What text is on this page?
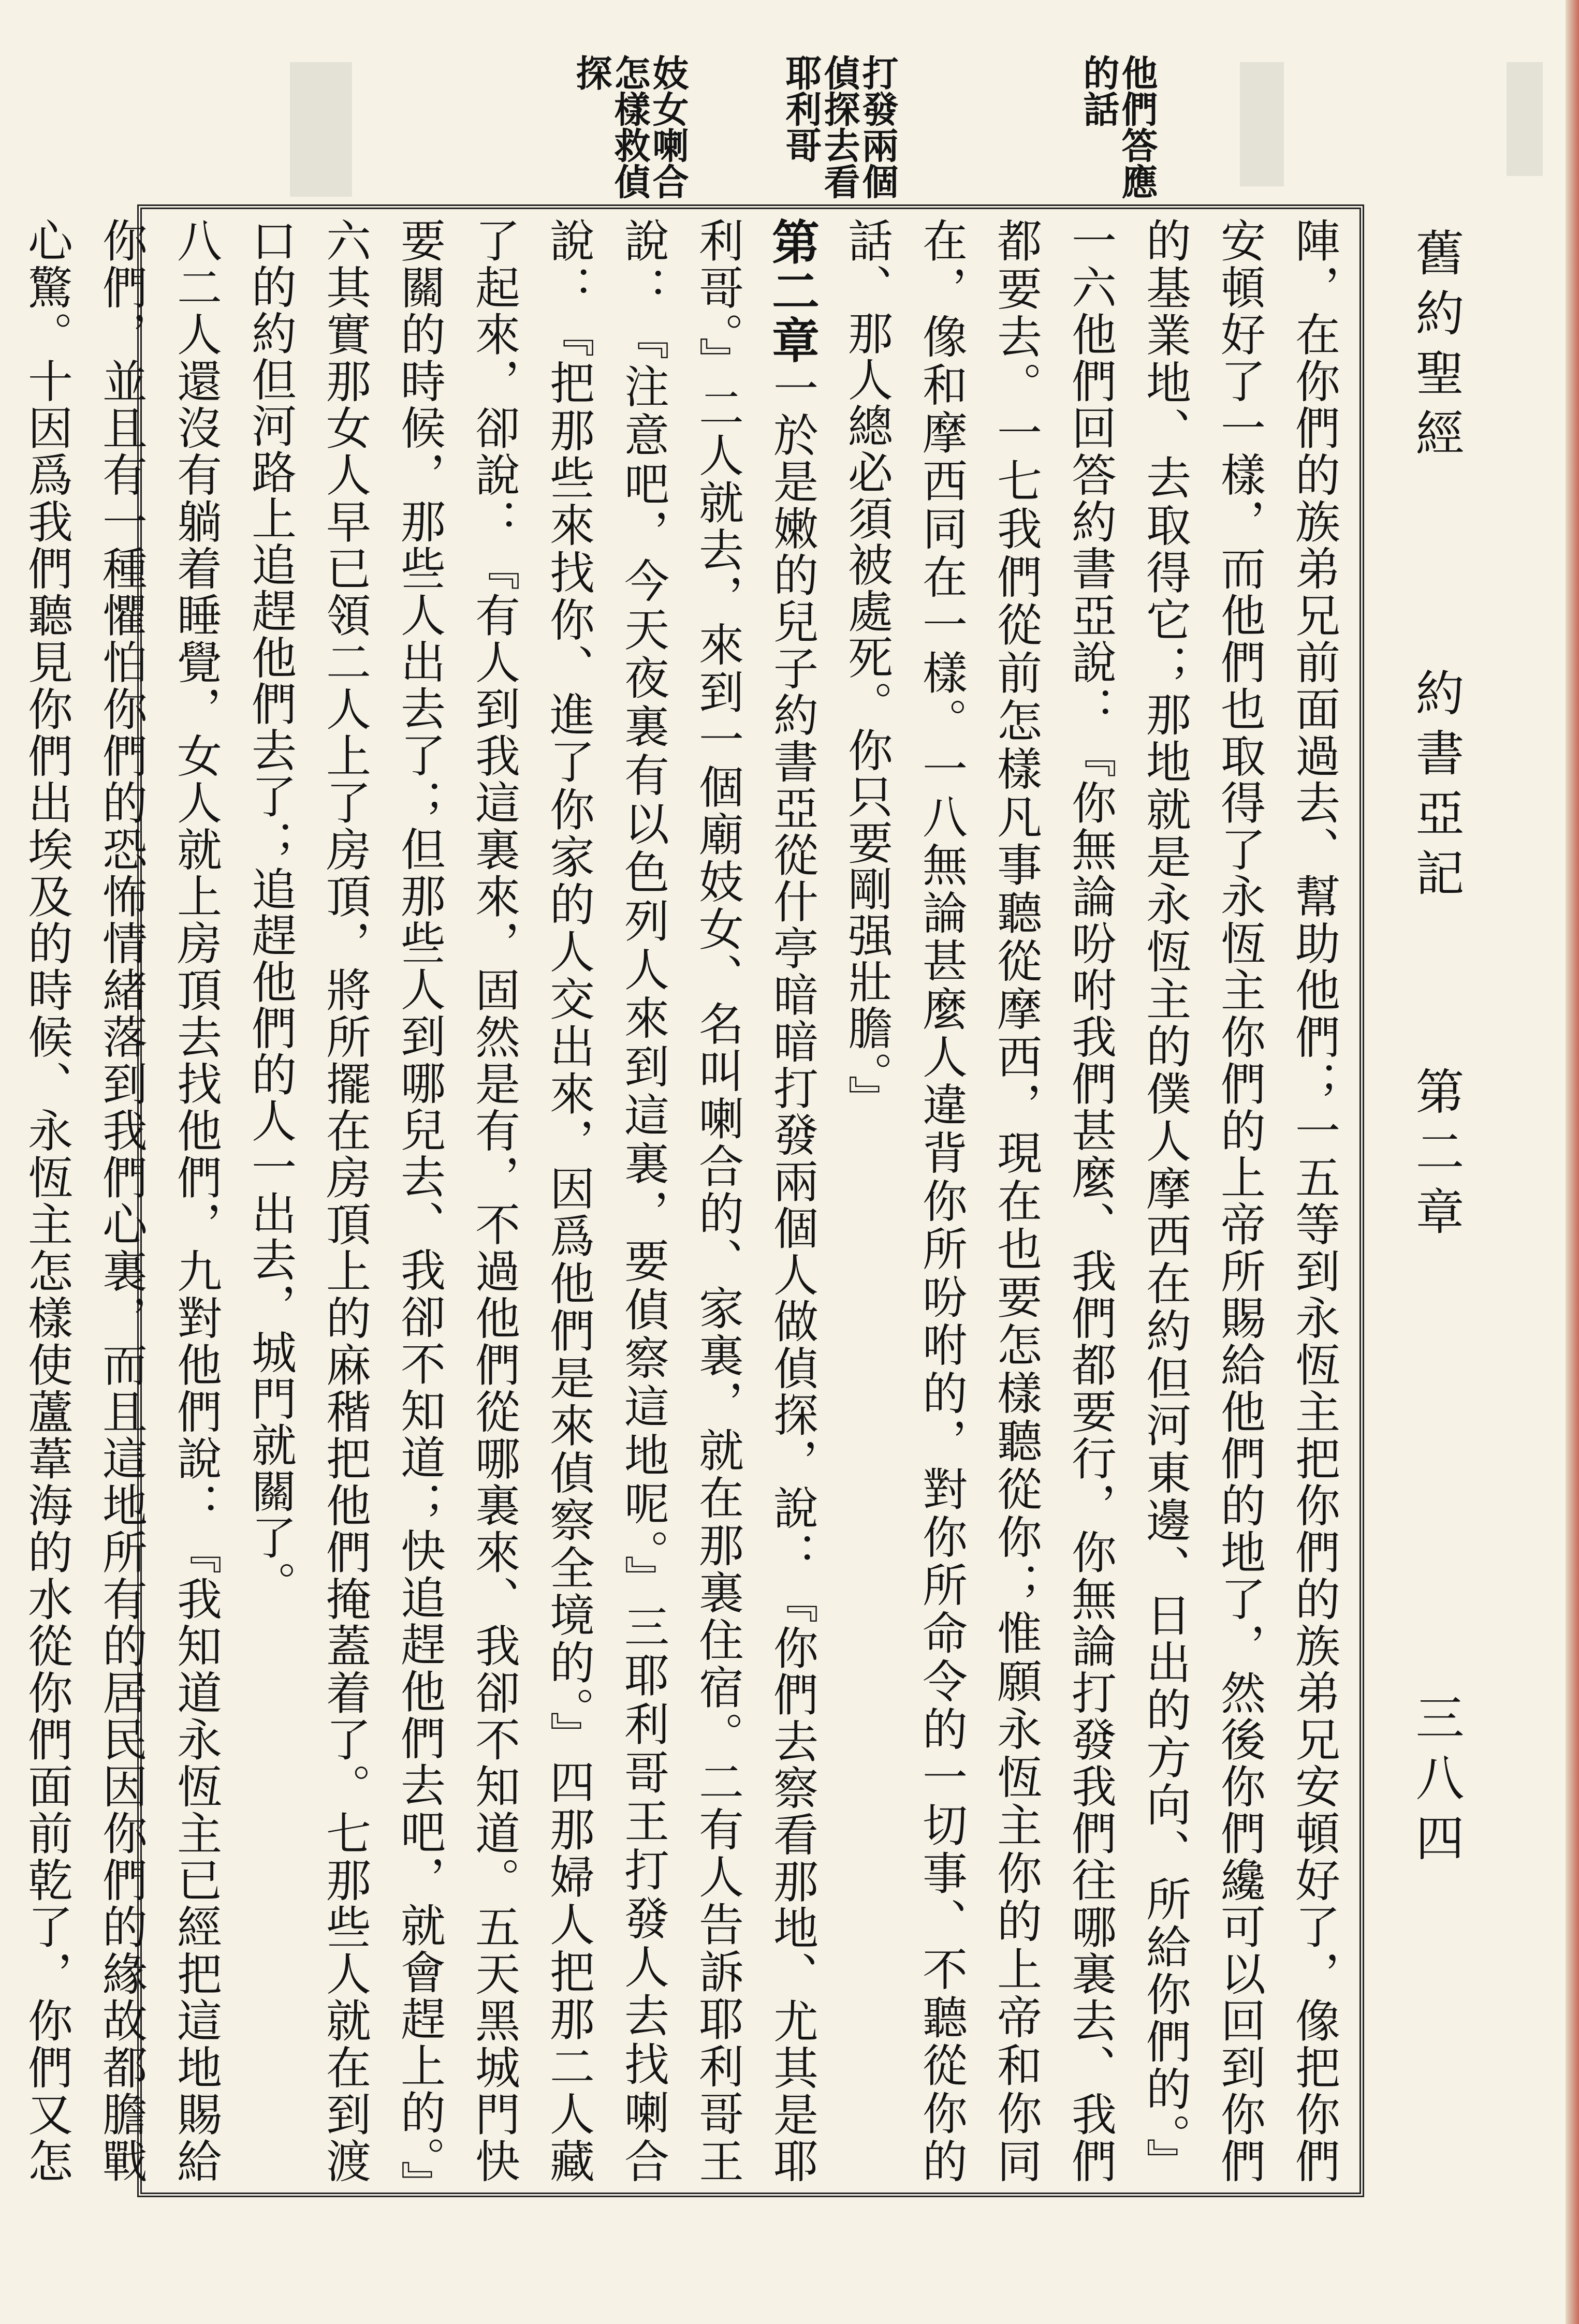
舊約聖經
約書亞記
第二章
三八四
他們答應的話
打發兩個偵探去看耶利哥
妓女喇合怎樣救偵探

陣，在你們的族弟兄前面過去、幫助他們；一五等到永恆主把你們的族弟兄安頓好了，像把你們安頓好了一樣，而他們也取得了永恆主你們的上帝所賜給他們的地了，然後你們纔可以回到你們的基業地、去取得它；那地就是永恆主的僕人摩西在約但河東邊、日出的方向、所給你們的。』一六他們回答約書亞說：『你無論吩咐我們甚麼、我們都要行，你無論打發我們往哪裏去、我們都要去。一七我們從前怎樣凡事聽從摩西，現在也要怎樣聽從你；惟願永恆主你的上帝和你同在，像和摩西同在一樣。一八無論甚麼人違背你所吩咐的，對你所命令的一切事、不聽從你的話、那人總必須被處死。你只要剛强壯膽。』

第二章一於是嫩的兒子約書亞從什亭暗暗打發兩個人做偵探，說：『你們去察看那地、尤其是耶利哥。』二人就去，來到一個廟妓女、名叫喇合的、家裏，就在那裏住宿。二有人告訴耶利哥王說：『注意吧，今天夜裏有以色列人來到這裏，要偵察這地呢。』三耶利哥王打發人去找喇合說：『把那些來找你、進了你家的人交出來，因爲他們是來偵察全境的。』四那婦人把那二人藏了起來，卻說：『有人到我這裏來，固然是有，不過他們從哪裏來、我卻不知道。五天黑城門快要關的時候，那些人出去了；但那些人到哪兒去、我卻不知道；快追趕他們去吧，就會趕上的。』六其實那女人早已領二人上了房頂，將所擺在房頂上的麻稭把他們掩蓋着了。七那些人就在到渡口的約但河路上追趕他們去了；追趕他們的人一出去，城門就關了。

八二人還沒有躺着睡覺，女人就上房頂去找他們，九對他們說：『我知道永恆主已經把這地賜給你們，並且有一種懼怕你們的恐怖情緒落到我們心裏，而且這地所有的居民因你們的緣故都膽戰心驚。十因爲我們聽見你們出埃及的時候、永恆主怎樣使蘆葦海的水從你們面前乾了，你們又怎
